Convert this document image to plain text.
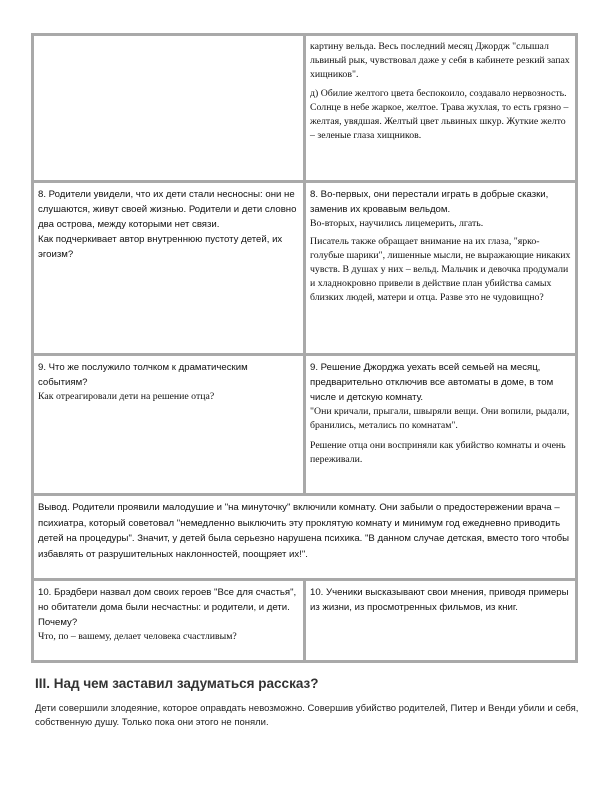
картину вельда. Весь последний месяц Джордж "слышал львиный рык, чувствовал даже у себя в кабинете резкий запах хищников".

д) Обилие желтого цвета беспокоило, создавало нервозность. Солнце в небе жаркое, желтое. Трава жухлая, то есть грязно – желтая, увядшая. Желтый цвет львиных шкур. Жуткие желто – зеленые глаза хищников.

8. Родители увидели, что их дети стали несносны: они не слушаются, живут своей жизнью. Родители и дети словно два острова, между которыми нет связи.

Как подчеркивает автор внутреннюю пустоту детей, их эгоизм?

8. Во-первых, они перестали играть в добрые сказки, заменив их кровавым вельдом.

Во-вторых, научились лицемерить, лгать.

Писатель также обращает внимание на их глаза, "ярко-голубые шарики", лишенные мысли, не выражающие никаких чувств. В душах у них – вельд. Мальчик и девочка продумали и хладнокровно привели в действие план убийства самых близких людей, матери и отца. Разве это не чудовищно?

9. Что же послужило толчком к драматическим событиям?

Как отреагировали дети на решение отца?

9. Решение Джорджа уехать всей семьей на месяц, предварительно отключив все автоматы в доме, в том числе и детскую комнату.

"Они кричали, прыгали, швыряли вещи. Они вопили, рыдали, бранились, метались по комнатам".

Решение отца они восприняли как убийство комнаты и очень переживали.

Вывод. Родители проявили малодушие и "на минуточку" включили комнату. Они забыли о предостережении врача – психиатра, который советовал "немедленно выключить эту проклятую комнату и минимум год ежедневно приводить детей на процедуры". Значит, у детей была серьезно нарушена психика. "В данном случае детская, вместо того чтобы избавлять от разрушительных наклонностей, поощряет их!".

10. Брэдбери назвал дом своих героев "Все для счастья", но обитатели дома были несчастны: и родители, и дети. Почему?

Что, по – вашему, делает человека счастливым?

10. Ученики высказывают свои мнения, приводя примеры из жизни, из просмотренных фильмов, из книг.

III. Над чем заставил задуматься рассказ?

Дети совершили злодеяние, которое оправдать невозможно. Совершив убийство родителей, Питер и Венди убили и себя, собственную душу. Только пока они этого не поняли.
